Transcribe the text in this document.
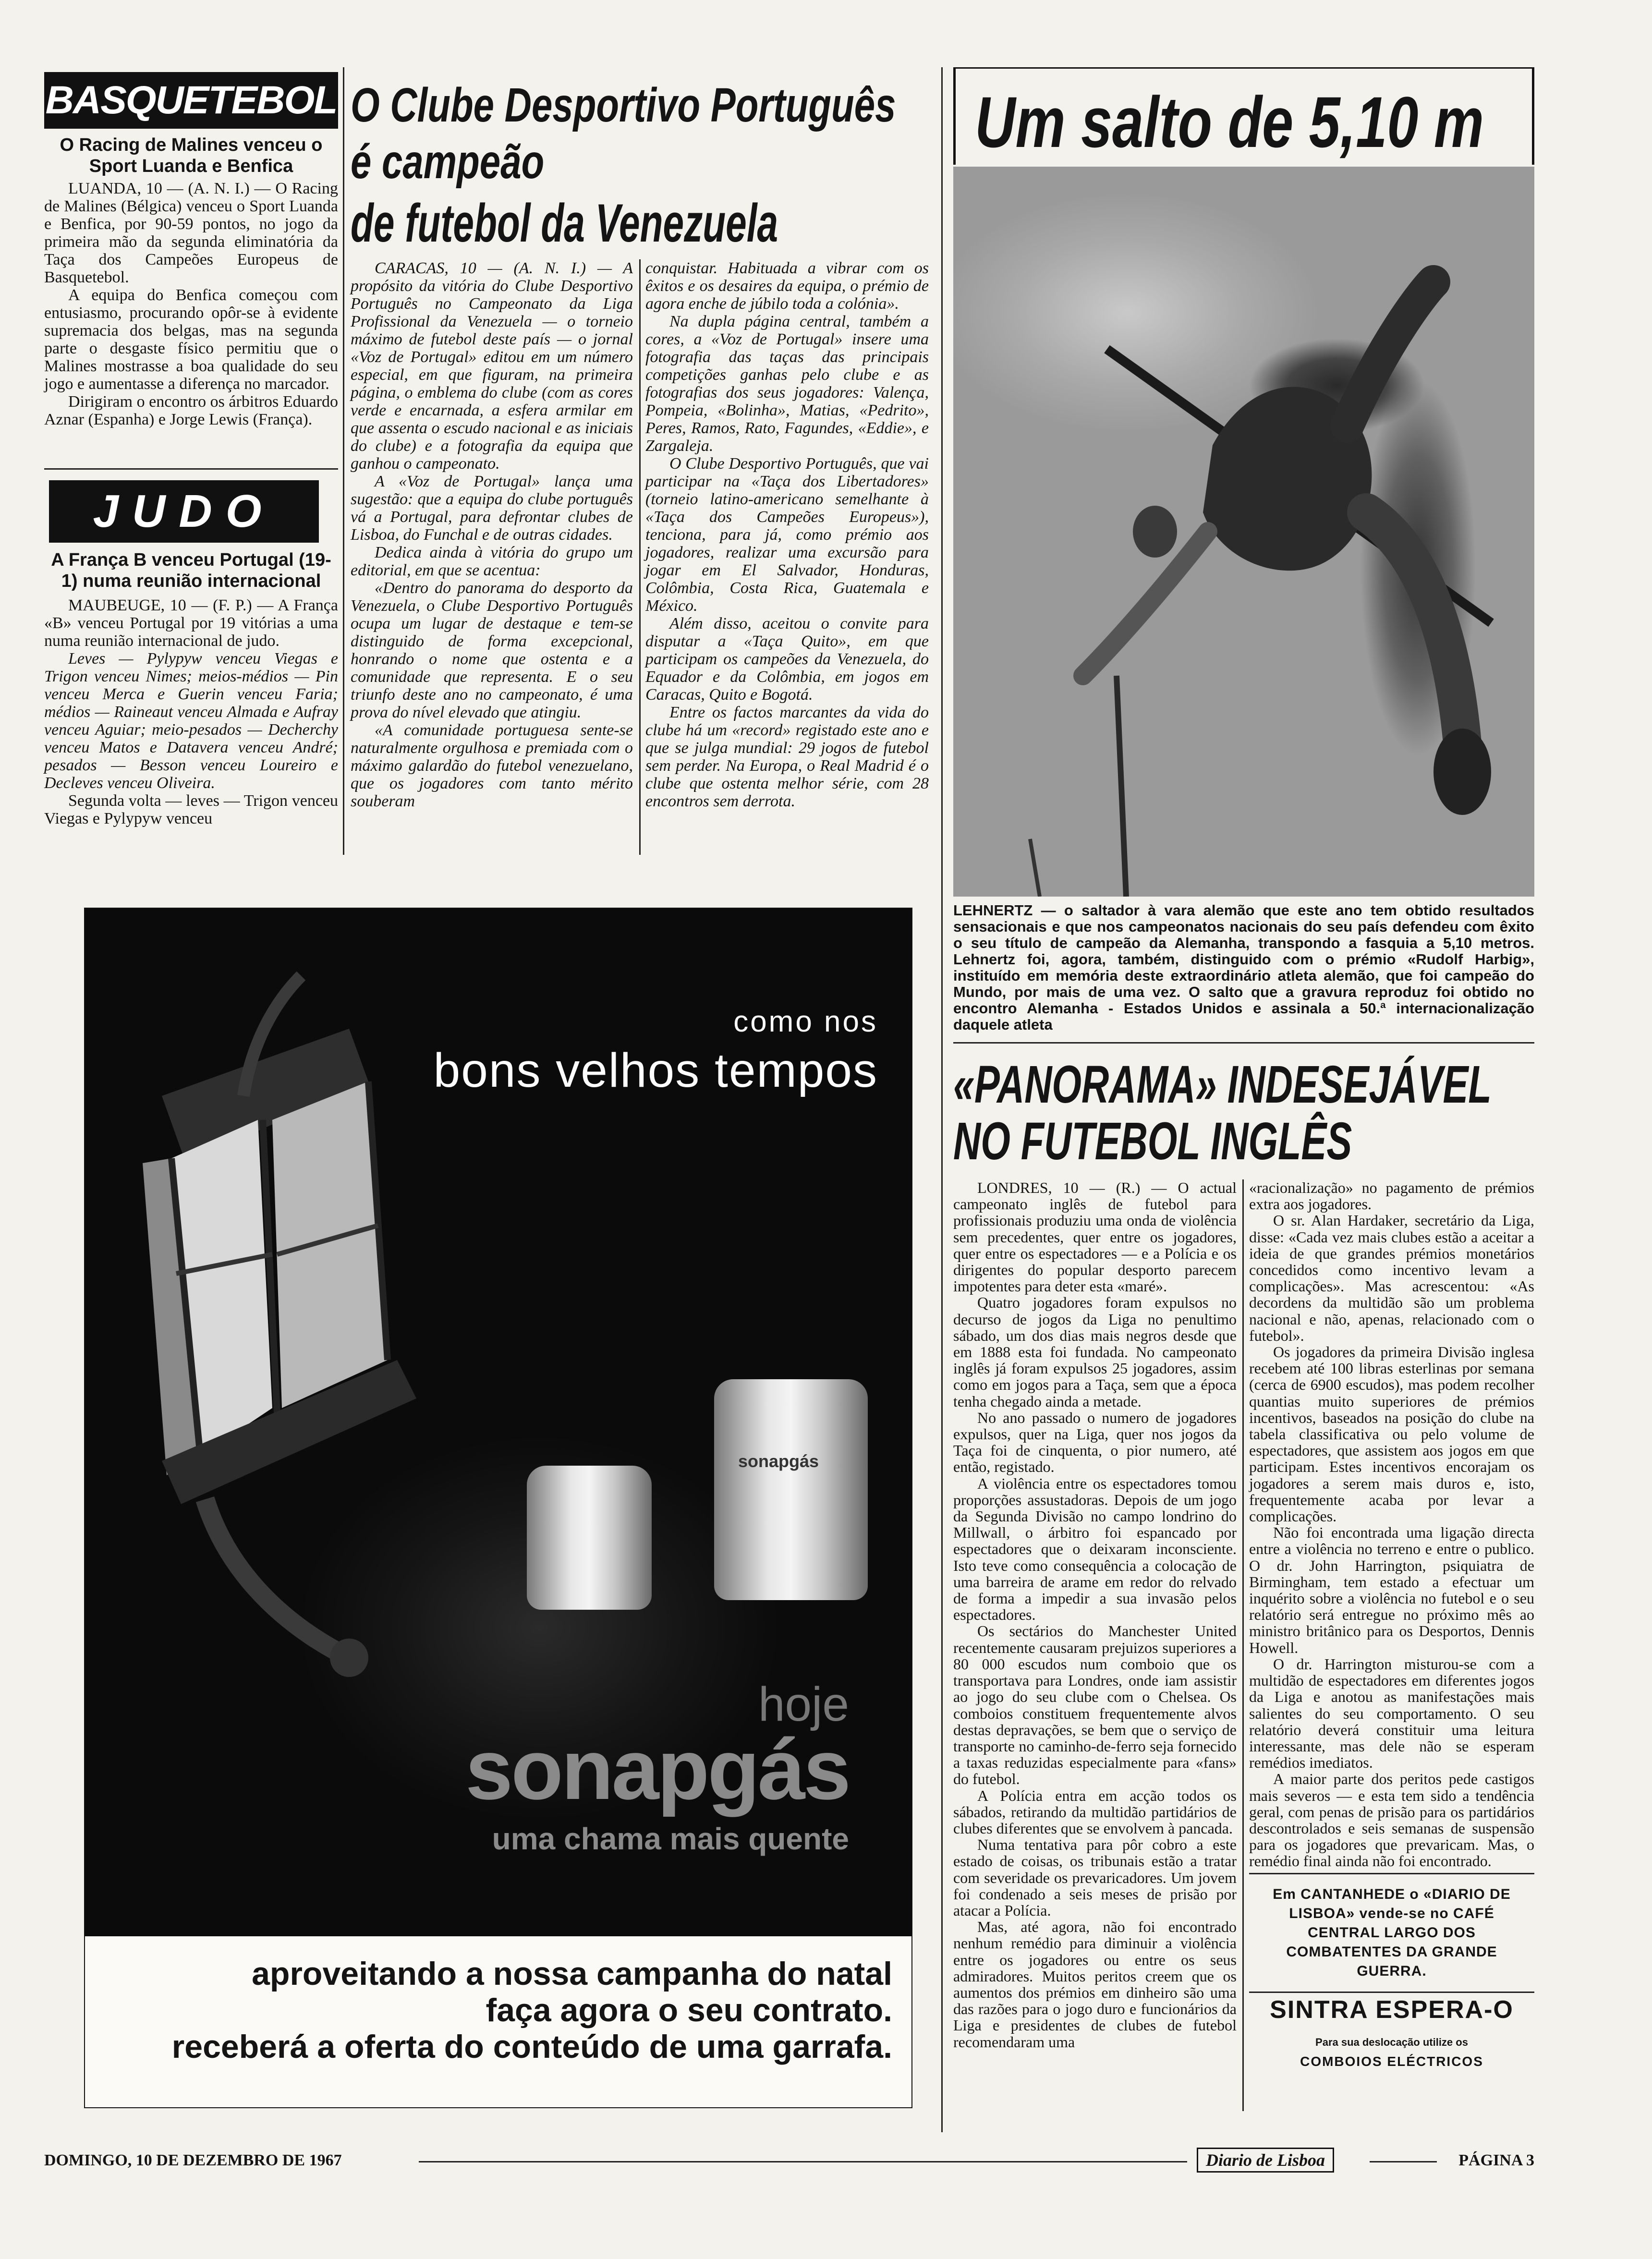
BASQUETEBOL
O Racing de Malines venceu o Sport Luanda e Benfica

LUANDA, 10 — (A. N. I.) — O Racing de Malines (Bélgica) venceu o Sport Luanda e Benfica, por 90-59 pontos, no jogo da primeira mão da segunda eliminatória da Taça dos Campeões Europeus de Basquetebol.

A equipa do Benfica começou com entusiasmo, procurando opôr-se à evidente supremacia dos belgas, mas na segunda parte o desgaste físico permitiu que o Malines mostrasse a boa qualidade do seu jogo e aumentasse a diferença no marcador.

Dirigiram o encontro os árbitros Eduardo Aznar (Espanha) e Jorge Lewis (França).

JUDO
A França B venceu Portugal (19-1) numa reunião internacional

MAUBEUGE, 10 — (F. P.) — A França «B» venceu Portugal por 19 vitórias a uma numa reunião internacional de judo.

Leves — Pylypyw venceu Viegas e Trigon venceu Nimes; meios-médios — Pin venceu Merca e Guerin venceu Faria; médios — Raineaut venceu Almada e Aufray venceu Aguiar; meio-pesados — Decherchy venceu Matos e Datavera venceu André; pesados — Besson venceu Loureiro e Decleves venceu Oliveira.

Segunda volta — leves — Trigon venceu Viegas e Pylypyw venceu

O Clube Desportivo Português
é campeão
de futebol da Venezuela

CARACAS, 10 — (A. N. I.) — A propósito da vitória do Clube Desportivo Português no Campeonato da Liga Profissional da Venezuela — o torneio máximo de futebol deste país — o jornal «Voz de Portugal» editou em um número especial, em que figuram, na primeira página, o emblema do clube (com as cores verde e encarnada, a esfera armilar em que assenta o escudo nacional e as iniciais do clube) e a fotografia da equipa que ganhou o campeonato.

A «Voz de Portugal» lança uma sugestão: que a equipa do clube português vá a Portugal, para defrontar clubes de Lisboa, do Funchal e de outras cidades.

Dedica ainda à vitória do grupo um editorial, em que se acentua:

«Dentro do panorama do desporto da Venezuela, o Clube Desportivo Português ocupa um lugar de destaque e tem-se distinguido de forma excepcional, honrando o nome que ostenta e a comunidade que representa. E o seu triunfo deste ano no campeonato, é uma prova do nível elevado que atingiu.

«A comunidade portuguesa sente-se naturalmente orgulhosa e premiada com o máximo galardão do futebol venezuelano, que os jogadores com tanto mérito souberam

conquistar. Habituada a vibrar com os êxitos e os desaires da equipa, o prémio de agora enche de júbilo toda a colónia».

Na dupla página central, também a cores, a «Voz de Portugal» insere uma fotografia das taças das principais competições ganhas pelo clube e as fotografias dos seus jogadores: Valença, Pompeia, «Bolinha», Matias, «Pedrito», Peres, Ramos, Rato, Fagundes, «Eddie», e Zargaleja.

O Clube Desportivo Português, que vai participar na «Taça dos Libertadores» (torneio latino-americano semelhante à «Taça dos Campeões Europeus»), tenciona, para já, como prémio aos jogadores, realizar uma excursão para jogar em El Salvador, Honduras, Colômbia, Costa Rica, Guatemala e México.

Além disso, aceitou o convite para disputar a «Taça Quito», em que participam os campeões da Venezuela, do Equador e da Colômbia, em jogos em Caracas, Quito e Bogotá.

Entre os factos marcantes da vida do clube há um «record» registado este ano e que se julga mundial: 29 jogos de futebol sem perder. Na Europa, o Real Madrid é o clube que ostenta melhor série, com 28 encontros sem derrota.

Um salto de 5,10 m
LEHNERTZ — o saltador à vara alemão que este ano tem obtido resultados sensacionais e que nos campeonatos nacionais do seu país defendeu com êxito o seu título de campeão da Alemanha, transpondo a fasquia a 5,10 metros. Lehnertz foi, agora, também, distinguido com o prémio «Rudolf Harbig», instituído em memória deste extraordinário atleta alemão, que foi campeão do Mundo, por mais de uma vez. O salto que a gravura reproduz foi obtido no encontro Alemanha - Estados Unidos e assinala a 50.ª internacionalização daquele atleta
«PANORAMA» INDESEJÁVEL
NO FUTEBOL INGLÊS

LONDRES, 10 — (R.) — O actual campeonato inglês de futebol para profissionais produziu uma onda de violência sem precedentes, quer entre os jogadores, quer entre os espectadores — e a Polícia e os dirigentes do popular desporto parecem impotentes para deter esta «maré».

Quatro jogadores foram expulsos no decurso de jogos da Liga no penultimo sábado, um dos dias mais negros desde que em 1888 esta foi fundada. No campeonato inglês já foram expulsos 25 jogadores, assim como em jogos para a Taça, sem que a época tenha chegado ainda a metade.

No ano passado o numero de jogadores expulsos, quer na Liga, quer nos jogos da Taça foi de cinquenta, o pior numero, até então, registado.

A violência entre os espectadores tomou proporções assustadoras. Depois de um jogo da Segunda Divisão no campo londrino do Millwall, o árbitro foi espancado por espectadores que o deixaram inconsciente. Isto teve como consequência a colocação de uma barreira de arame em redor do relvado de forma a impedir a sua invasão pelos espectadores.

Os sectários do Manchester United recentemente causaram prejuizos superiores a 80 000 escudos num comboio que os transportava para Londres, onde iam assistir ao jogo do seu clube com o Chelsea. Os comboios constituem frequentemente alvos destas depravações, se bem que o serviço de transporte no caminho-de-ferro seja fornecido a taxas reduzidas especialmente para «fans» do futebol.

A Polícia entra em acção todos os sábados, retirando da multidão partidários de clubes diferentes que se envolvem à pancada.

Numa tentativa para pôr cobro a este estado de coisas, os tribunais estão a tratar com severidade os prevaricadores. Um jovem foi condenado a seis meses de prisão por atacar a Polícia.

Mas, até agora, não foi encontrado nenhum remédio para diminuir a violência entre os jogadores ou entre os seus admiradores. Muitos peritos creem que os aumentos dos prémios em dinheiro são uma das razões para o jogo duro e funcionários da Liga e presidentes de clubes de futebol recomendaram uma

«racionalização» no pagamento de prémios extra aos jogadores.

O sr. Alan Hardaker, secretário da Liga, disse: «Cada vez mais clubes estão a aceitar a ideia de que grandes prémios monetários concedidos como incentivo levam a complicações». Mas acrescentou: «As decordens da multidão são um problema nacional e não, apenas, relacionado com o futebol».

Os jogadores da primeira Divisão inglesa recebem até 100 libras esterlinas por semana (cerca de 6900 escudos), mas podem recolher quantias muito superiores de prémios incentivos, baseados na posição do clube na tabela classificativa ou pelo volume de espectadores, que assistem aos jogos em que participam. Estes incentivos encorajam os jogadores a serem mais duros e, isto, frequentemente acaba por levar a complicações.

Não foi encontrada uma ligação directa entre a violência no terreno e entre o publico. O dr. John Harrington, psiquiatra de Birmingham, tem estado a efectuar um inquérito sobre a violência no futebol e o seu relatório será entregue no próximo mês ao ministro britânico para os Desportos, Dennis Howell.

O dr. Harrington misturou-se com a multidão de espectadores em diferentes jogos da Liga e anotou as manifestações mais salientes do seu comportamento. O seu relatório deverá constituir uma leitura interessante, mas dele não se esperam remédios imediatos.

A maior parte dos peritos pede castigos mais severos — e esta tem sido a tendência geral, com penas de prisão para os partidários descontrolados e seis semanas de suspensão para os jogadores que prevaricam. Mas, o remédio final ainda não foi encontrado.

Em CANTANHEDE o «DIARIO DE LISBOA» vende-se no CAFÉ CENTRAL LARGO DOS COMBATENTES DA GRANDE GUERRA.
SINTRA ESPERA-O
Para sua deslocação utilize os
COMBOIOS ELÉCTRICOS
sonapgás
como nos
bons velhos tempos
hoje
sonapgás
uma chama mais quente
aproveitando a nossa campanha do natal
faça agora o seu contrato.
receberá a oferta do conteúdo de uma garrafa.
DOMINGO, 10 DE DEZEMBRO DE 1967	Diario de Lisboa	PÁGINA 3
